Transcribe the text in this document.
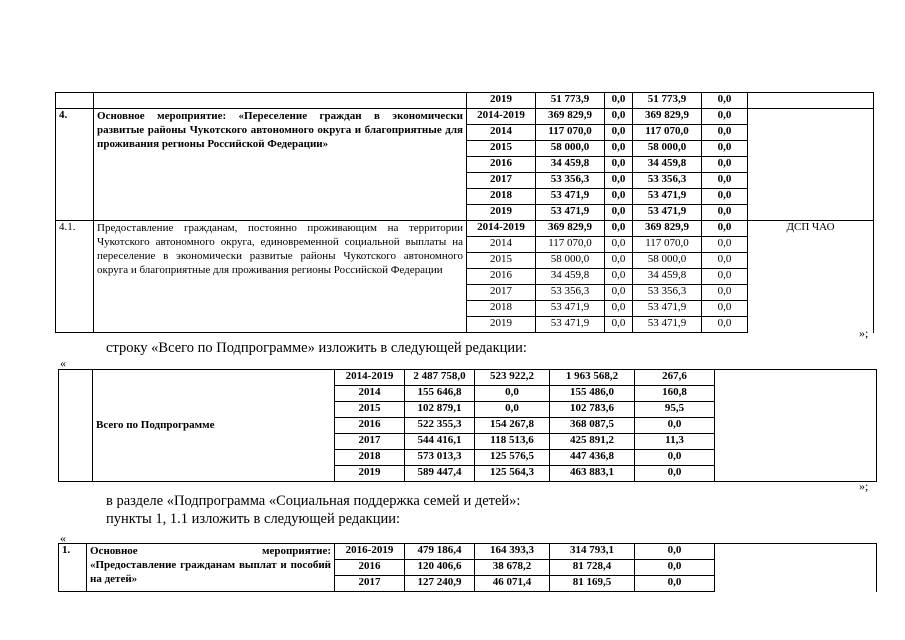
		2019	51 773,9	0,0	51 773,9	0,0	
4.	Основное мероприятие: «Переселение граждан в экономически развитые районы Чукотского автономного округа и благоприятные для проживания регионы Российской Федерации»	2014-2019	369 829,9	0,0	369 829,9	0,0	
		2014	117 070,0	0,0	117 070,0	0,0	
		2015	58 000,0	0,0	58 000,0	0,0	
		2016	34 459,8	0,0	34 459,8	0,0	
		2017	53 356,3	0,0	53 356,3	0,0	
		2018	53 471,9	0,0	53 471,9	0,0	
		2019	53 471,9	0,0	53 471,9	0,0	
4.1.	Предоставление гражданам, постоянно проживающим на территории Чукотского автономного округа, единовременной социальной выплаты на переселение в экономически развитые районы Чукотского автономного округа и благоприятные для проживания регионы Российской Федерации	2014-2019	369 829,9	0,0	369 829,9	0,0	ДСП ЧАО
		2014	117 070,0	0,0	117 070,0	0,0	
		2015	58 000,0	0,0	58 000,0	0,0	
		2016	34 459,8	0,0	34 459,8	0,0	
		2017	53 356,3	0,0	53 356,3	0,0	
		2018	53 471,9	0,0	53 471,9	0,0	
		2019	53 471,9	0,0	53 471,9	0,0	
»;
строку «Всего по Подпрограмме» изложить в следующей редакции:
«
	Всего по Подпрограмме	2014-2019	2 487 758,0	523 922,2	1 963 568,2	267,6	
		2014	155 646,8	0,0	155 486,0	160,8	
		2015	102 879,1	0,0	102 783,6	95,5	
		2016	522 355,3	154 267,8	368 087,5	0,0	
		2017	544 416,1	118 513,6	425 891,2	11,3	
		2018	573 013,3	125 576,5	447 436,8	0,0	
		2019	589 447,4	125 564,3	463 883,1	0,0	
»;
в разделе «Подпрограмма «Социальная поддержка семей и детей»:
пункты 1, 1.1 изложить в следующей редакции:
«
1.	Основное мероприятие:
«Предоставление гражданам выплат и пособий на детей»	2016-2019	479 186,4	164 393,3	314 793,1	0,0	
		2016	120 406,6	38 678,2	81 728,4	0,0	
		2017	127 240,9	46 071,4	81 169,5	0,0	
